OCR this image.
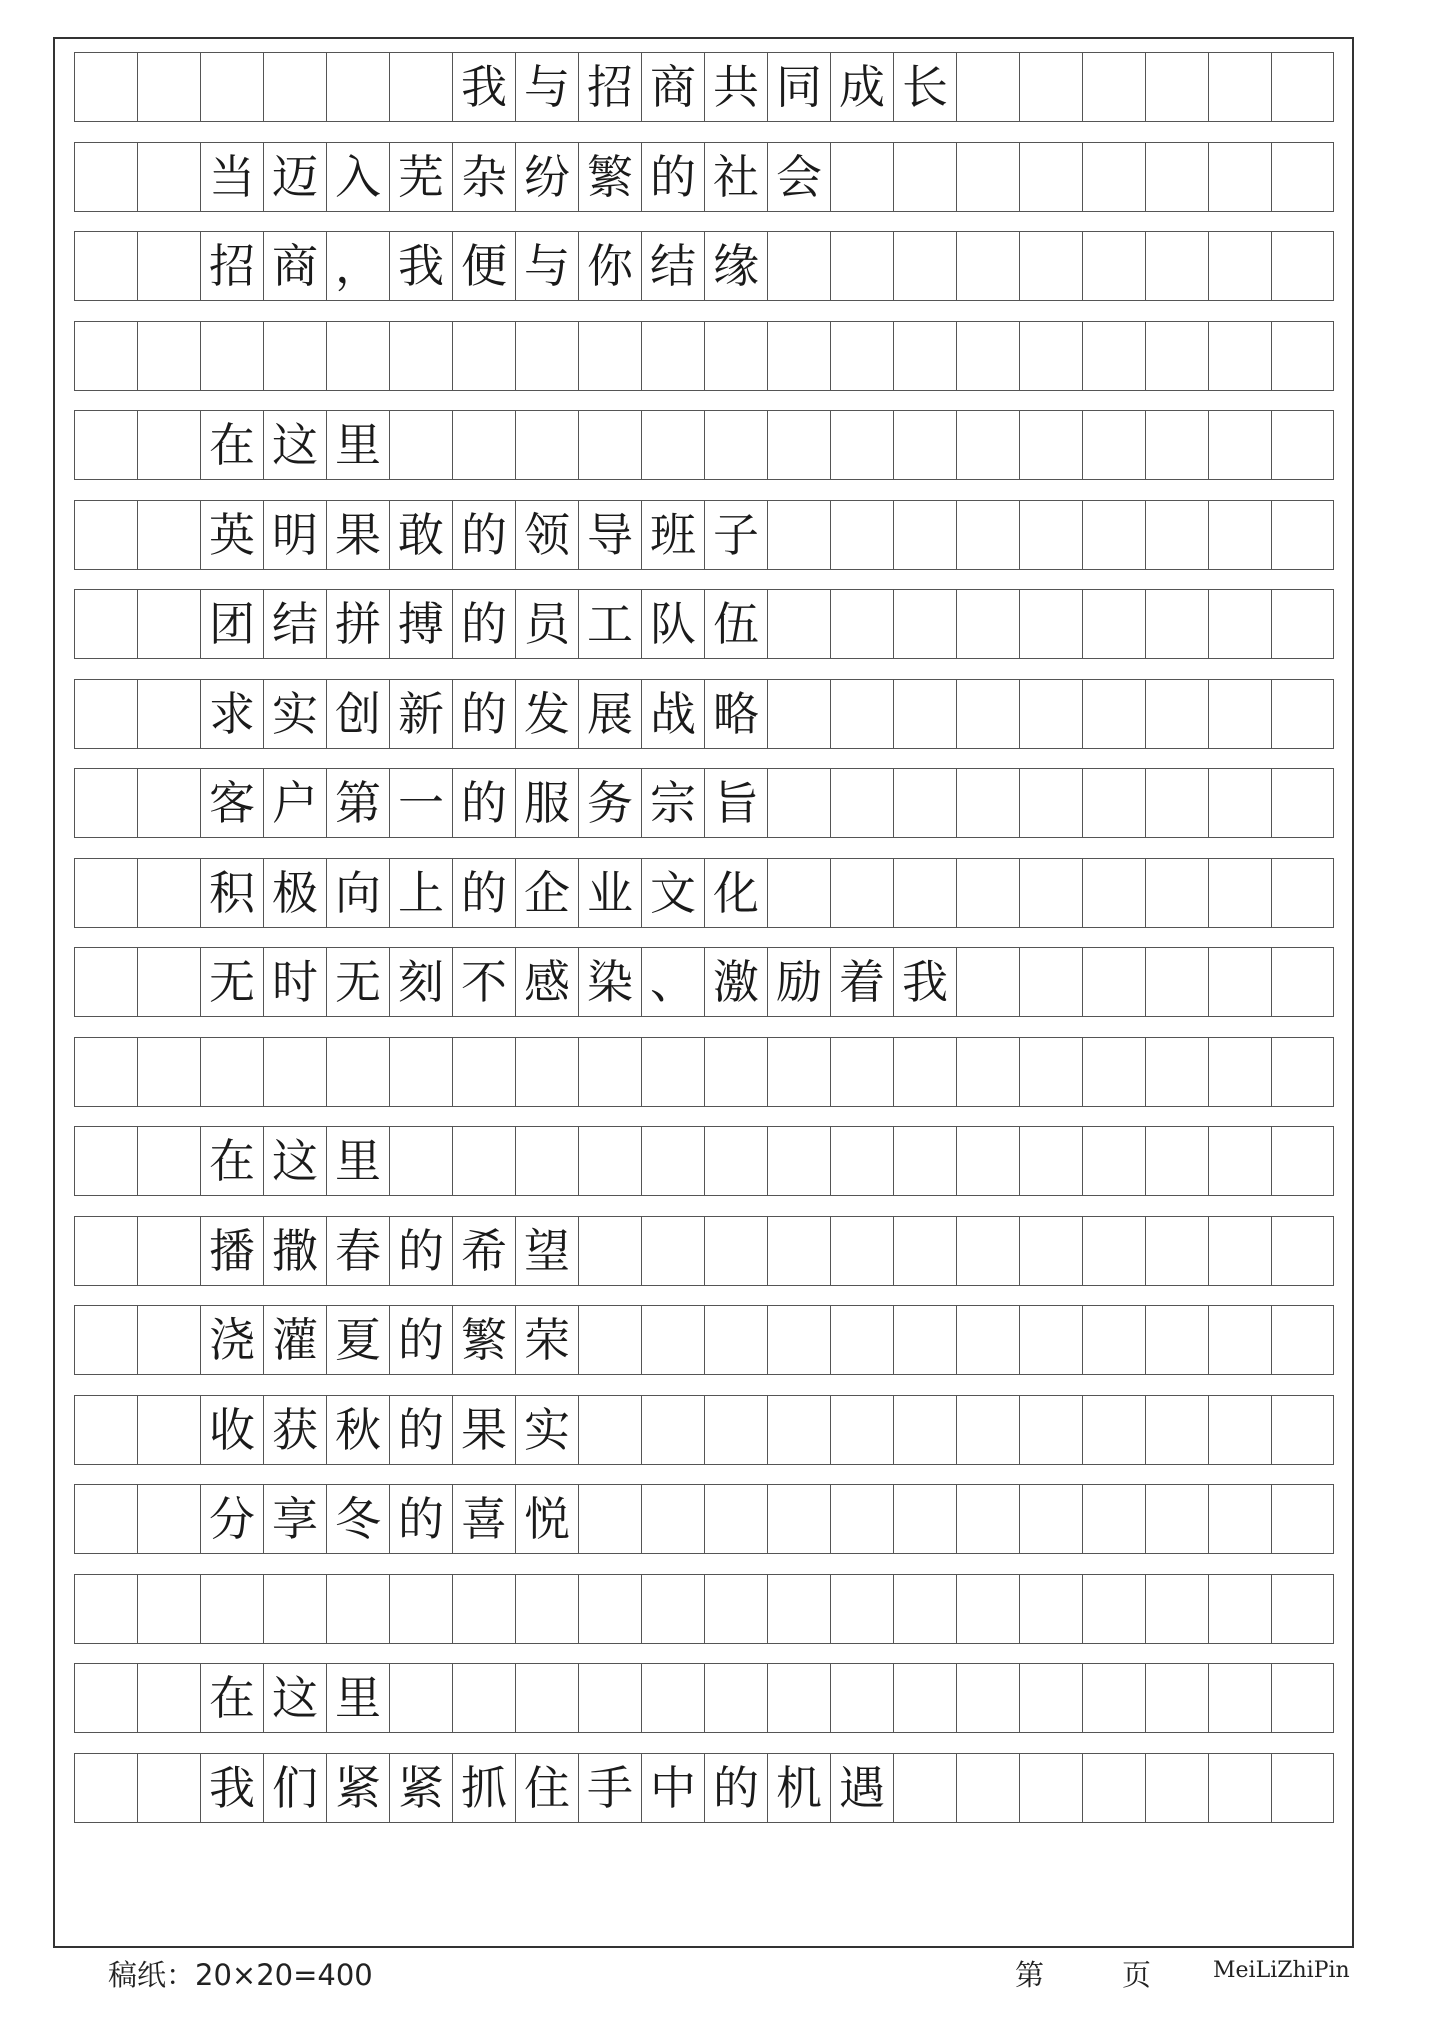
我 与 招 商 共 同 成 长
当 迈 入 芜 杂 纷 繁 的 社 会
招 商 ， 我 便 与 你 结 缘
在 这 里
英 明 果 敢 的 领 导 班 子
团 结 拼 搏 的 员 工 队 伍
求 实 创 新 的 发 展 战 略
客 户 第 一 的 服 务 宗 旨
积 极 向 上 的 企 业 文 化
无 时 无 刻 不 感 染 、 激 励 着 我
在 这 里
播 撒 春 的 希 望
浇 灌 夏 的 繁 荣
收 获 秋 的 果 实
分 享 冬 的 喜 悦
在 这 里
我 们 紧 紧 抓 住 手 中 的 机 遇
稿纸：20×20=400	第	页	MeiLiZhiPin
